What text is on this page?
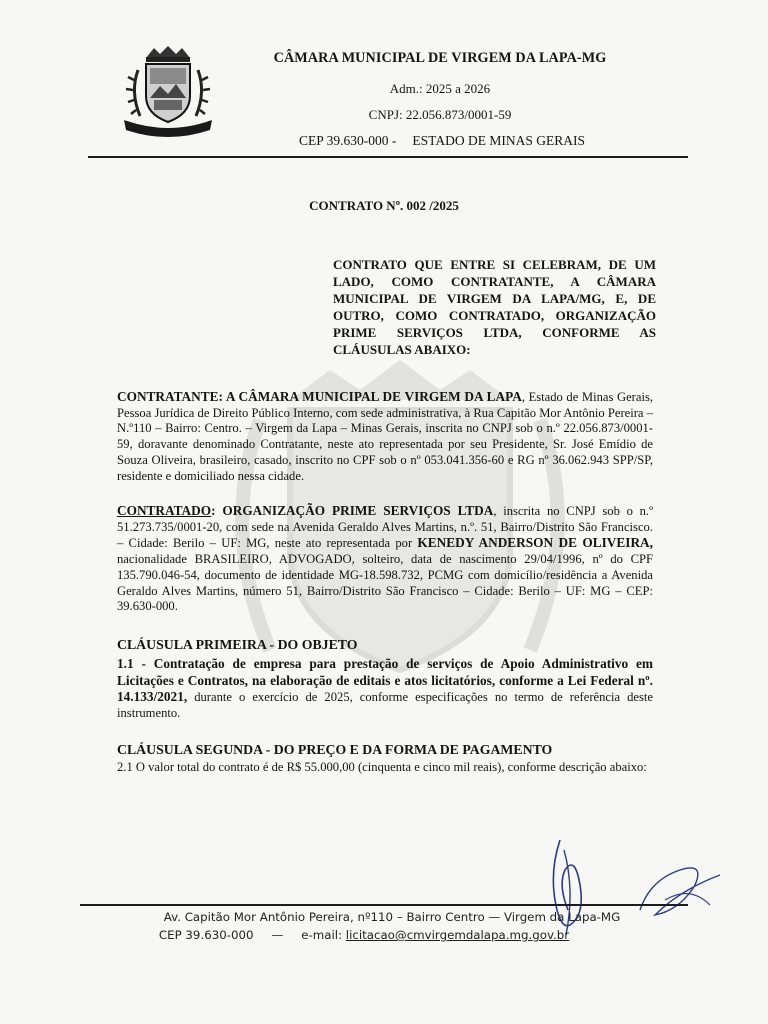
CÂMARA MUNICIPAL DE VIRGEM DA LAPA-MG
Adm.: 2025 a 2026
CNPJ: 22.056.873/0001-59
CEP 39.630-000 - ESTADO DE MINAS GERAIS
CONTRATO Nº. 002 /2025
CONTRATO QUE ENTRE SI CELEBRAM, DE UM LADO, COMO CONTRATANTE, A CÂMARA MUNICIPAL DE VIRGEM DA LAPA/MG, E, DE OUTRO, COMO CONTRATADO, ORGANIZAÇÃO PRIME SERVIÇOS LTDA, CONFORME AS CLÁUSULAS ABAIXO:
CONTRATANTE: A CÂMARA MUNICIPAL DE VIRGEM DA LAPA, Estado de Minas Gerais, Pessoa Jurídica de Direito Público Interno, com sede administrativa, à Rua Capitão Mor Antônio Pereira – N.º110 – Bairro: Centro. – Virgem da Lapa – Minas Gerais, inscrita no CNPJ sob o n.º 22.056.873/0001-59, doravante denominado Contratante, neste ato representada por seu Presidente, Sr. José Emídio de Souza Oliveira, brasileiro, casado, inscrito no CPF sob o nº 053.041.356-60 e RG nº 36.062.943 SPP/SP, residente e domiciliado nessa cidade.
CONTRATADO: ORGANIZAÇÃO PRIME SERVIÇOS LTDA, inscrita no CNPJ sob o n.º 51.273.735/0001-20, com sede na Avenida Geraldo Alves Martins, n.º. 51, Bairro/Distrito São Francisco. – Cidade: Berilo – UF: MG, neste ato representada por KENEDY ANDERSON DE OLIVEIRA, nacionalidade BRASILEIRO, ADVOGADO, solteiro, data de nascimento 29/04/1996, nº do CPF 135.790.046-54, documento de identidade MG-18.598.732, PCMG com domicílio/residência a Avenida Geraldo Alves Martins, número 51, Bairro/Distrito São Francisco – Cidade: Berilo – UF: MG – CEP: 39.630-000.
CLÁUSULA PRIMEIRA - DO OBJETO
1.1 - Contratação de empresa para prestação de serviços de Apoio Administrativo em Licitações e Contratos, na elaboração de editais e atos licitatórios, conforme a Lei Federal nº. 14.133/2021, durante o exercício de 2025, conforme especificações no termo de referência deste instrumento.
CLÁUSULA SEGUNDA - DO PREÇO E DA FORMA DE PAGAMENTO
2.1 O valor total do contrato é de R$ 55.000,00 (cinquenta e cinco mil reais), conforme descrição abaixo:
Av. Capitão Mor Antônio Pereira, nº110 – Bairro Centro — Virgem da Lapa-MG
CEP 39.630-000 — e-mail: licitacao@cmvirgemdalapa.mg.gov.br
